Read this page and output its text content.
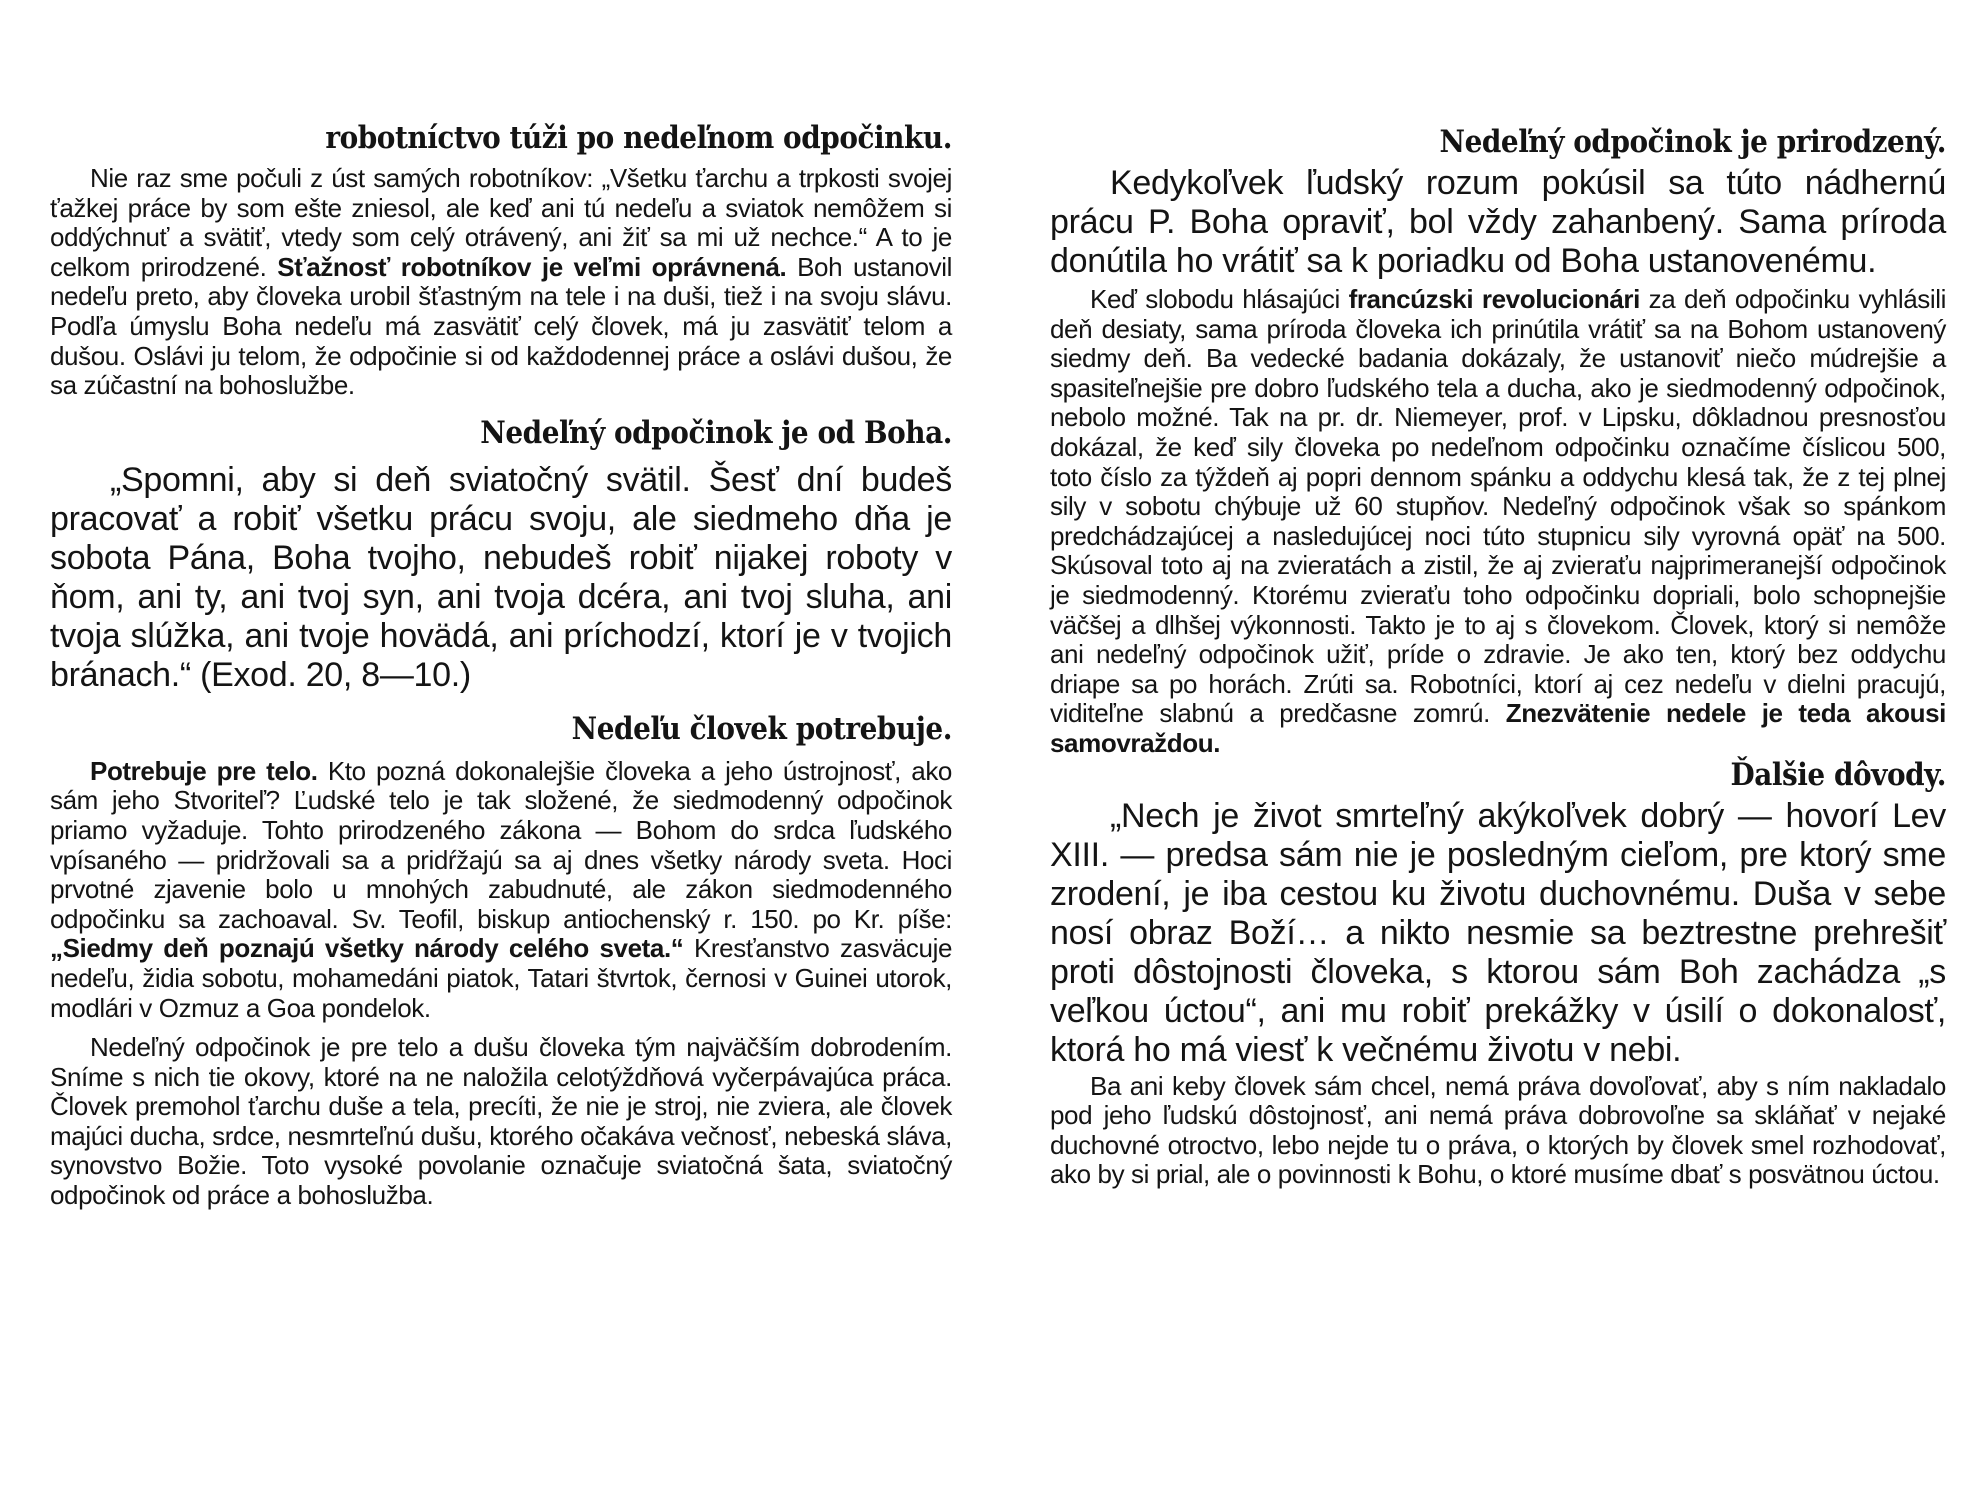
robotníctvo túži po nedeľnom odpočinku.

Nie raz sme počuli z úst samých robotníkov: „Všetku ťarchu a trpkosti svojej ťažkej práce by som ešte zniesol, ale keď ani tú nedeľu a sviatok nemôžem si oddýchnuť a svätiť, vtedy som celý otrávený, ani žiť sa mi už nechce.“ A to je celkom prirodzené. Sťažnosť robotníkov je veľmi oprávnená. Boh ustanovil nedeľu preto, aby človeka urobil šťastným na tele i na duši, tiež i na svoju slávu. Podľa úmyslu Boha nedeľu má zasvätiť celý človek, má ju zasvätiť telom a dušou. Oslávi ju telom, že odpočinie si od každodennej práce a oslávi dušou, že sa zúčastní na bohoslužbe.

Nedeľný odpočinok je od Boha.

„Spomni, aby si deň sviatočný svätil. Šesť dní budeš pracovať a robiť všetku prácu svoju, ale siedmeho dňa je sobota Pána, Boha tvojho, nebudeš robiť nijakej roboty v ňom, ani ty, ani tvoj syn, ani tvoja dcéra, ani tvoj sluha, ani tvoja slúžka, ani tvoje hovädá, ani príchodzí, ktorí je v tvojich bránach.“ (Exod. 20, 8—10.)

Nedeľu človek potrebuje.

Potrebuje pre telo. Kto pozná dokonalejšie človeka a jeho ústrojnosť, ako sám jeho Stvoriteľ? Ľudské telo je tak složené, že siedmodenný odpočinok priamo vyžaduje. Tohto prirodzeného zákona — Bohom do srdca ľudského vpísaného — pridržovali sa a pridŕžajú sa aj dnes všetky národy sveta. Hoci prvotné zjavenie bolo u mnohých zabudnuté, ale zákon siedmodenného odpočinku sa zachoaval. Sv. Teofil, biskup antiochenský r. 150. po Kr. píše: „Siedmy deň poznajú všetky národy celého sveta.“ Kresťanstvo zasväcuje nedeľu, židia sobotu, mohamedáni piatok, Tatari štvrtok, černosi v Guinei utorok, modlári v Ozmuz a Goa pondelok.

Nedeľný odpočinok je pre telo a dušu človeka tým najväčším dobrodením. Sníme s nich tie okovy, ktoré na ne naložila celotýždňová vyčerpávajúca práca. Človek premohol ťarchu duše a tela, precíti, že nie je stroj, nie zviera, ale človek majúci ducha, srdce, nesmrteľnú dušu, ktorého očakáva večnosť, nebeská sláva, synovstvo Božie. Toto vysoké povolanie označuje sviatočná šata, sviatočný odpočinok od práce a bohoslužba.

Nedeľný odpočinok je prirodzený.

Kedykoľvek ľudský rozum pokúsil sa túto nádhernú prácu P. Boha opraviť, bol vždy zahanbený. Sama príroda donútila ho vrátiť sa k poriadku od Boha ustanovenému.

Keď slobodu hlásajúci francúzski revolucionári za deň odpočinku vyhlásili deň desiaty, sama príroda človeka ich prinútila vrátiť sa na Bohom ustanovený siedmy deň. Ba vedecké badania dokázaly, že ustanoviť niečo múdrejšie a spasiteľnejšie pre dobro ľudského tela a ducha, ako je siedmodenný odpočinok, nebolo možné. Tak na pr. dr. Niemeyer, prof. v Lipsku, dôkladnou presnosťou dokázal, že keď sily človeka po nedeľnom odpočinku označíme číslicou 500, toto číslo za týždeň aj popri dennom spánku a oddychu klesá tak, že z tej plnej sily v sobotu chýbuje už 60 stupňov. Nedeľný odpočinok však so spánkom predchádzajúcej a nasledujúcej noci túto stupnicu sily vyrovná opäť na 500. Skúsoval toto aj na zvieratách a zistil, že aj zvieraťu najprimeranejší odpočinok je siedmodenný. Ktorému zvieraťu toho odpočinku dopriali, bolo schopnejšie väčšej a dlhšej výkonnosti. Takto je to aj s človekom. Človek, ktorý si nemôže ani nedeľný odpočinok užiť, príde o zdravie. Je ako ten, ktorý bez oddychu driape sa po horách. Zrúti sa. Robotníci, ktorí aj cez nedeľu v dielni pracujú, viditeľne slabnú a predčasne zomrú. Znezvätenie nedele je teda akousi samovraždou.

Ďalšie dôvody.

„Nech je život smrteľný akýkoľvek dobrý — hovorí Lev XIII. — predsa sám nie je posledným cieľom, pre ktorý sme zrodení, je iba cestou ku životu duchovnému. Duša v sebe nosí obraz Boží… a nikto nesmie sa beztrestne prehrešiť proti dôstojnosti človeka, s ktorou sám Boh zachádza „s veľkou úctou“, ani mu robiť prekážky v úsilí o dokonalosť, ktorá ho má viesť k večnému životu v nebi.

Ba ani keby človek sám chcel, nemá práva dovoľovať, aby s ním nakladalo pod jeho ľudskú dôstojnosť, ani nemá práva dobrovoľne sa skláňať v nejaké duchovné otroctvo, lebo nejde tu o práva, o ktorých by človek smel rozhodovať, ako by si prial, ale o povinnosti k Bohu, o ktoré musíme dbať s posvätnou úctou.
